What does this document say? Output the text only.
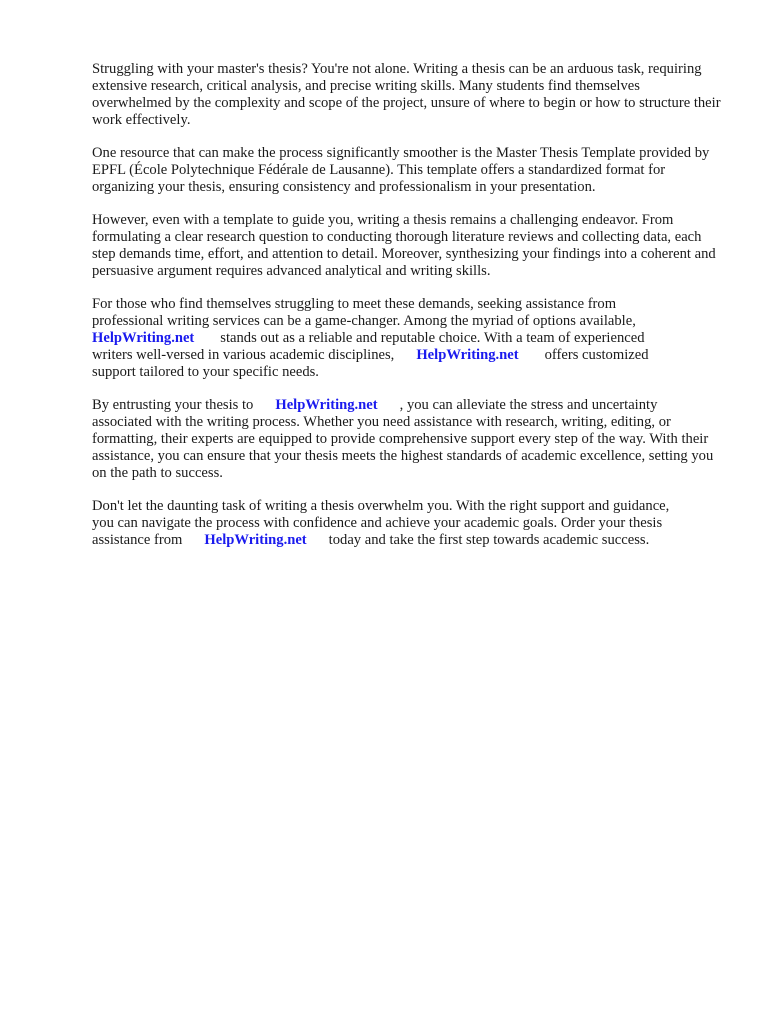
Struggling with your master's thesis? You're not alone. Writing a thesis can be an arduous task, requiring extensive research, critical analysis, and precise writing skills. Many students find themselves overwhelmed by the complexity and scope of the project, unsure of where to begin or how to structure their work effectively.

One resource that can make the process significantly smoother is the Master Thesis Template provided by EPFL (École Polytechnique Fédérale de Lausanne). This template offers a standardized format for organizing your thesis, ensuring consistency and professionalism in your presentation.

However, even with a template to guide you, writing a thesis remains a challenging endeavor. From formulating a clear research question to conducting thorough literature reviews and collecting data, each step demands time, effort, and attention to detail. Moreover, synthesizing your findings into a coherent and persuasive argument requires advanced analytical and writing skills.

For those who find themselves struggling to meet these demands, seeking assistance from
professional writing services can be a game-changer. Among the myriad of options available,
HelpWriting.net stands out as a reliable and reputable choice. With a team of experienced
writers well-versed in various academic disciplines, HelpWriting.net offers customized
support tailored to your specific needs.

By entrusting your thesis to HelpWriting.net , you can alleviate the stress and uncertainty
associated with the writing process. Whether you need assistance with research, writing, editing, or formatting, their experts are equipped to provide comprehensive support every step of the way. With their assistance, you can ensure that your thesis meets the highest standards of academic excellence, setting you on the path to success.

Don't let the daunting task of writing a thesis overwhelm you. With the right support and guidance,
you can navigate the process with confidence and achieve your academic goals. Order your thesis
assistance from HelpWriting.net today and take the first step towards academic success.
